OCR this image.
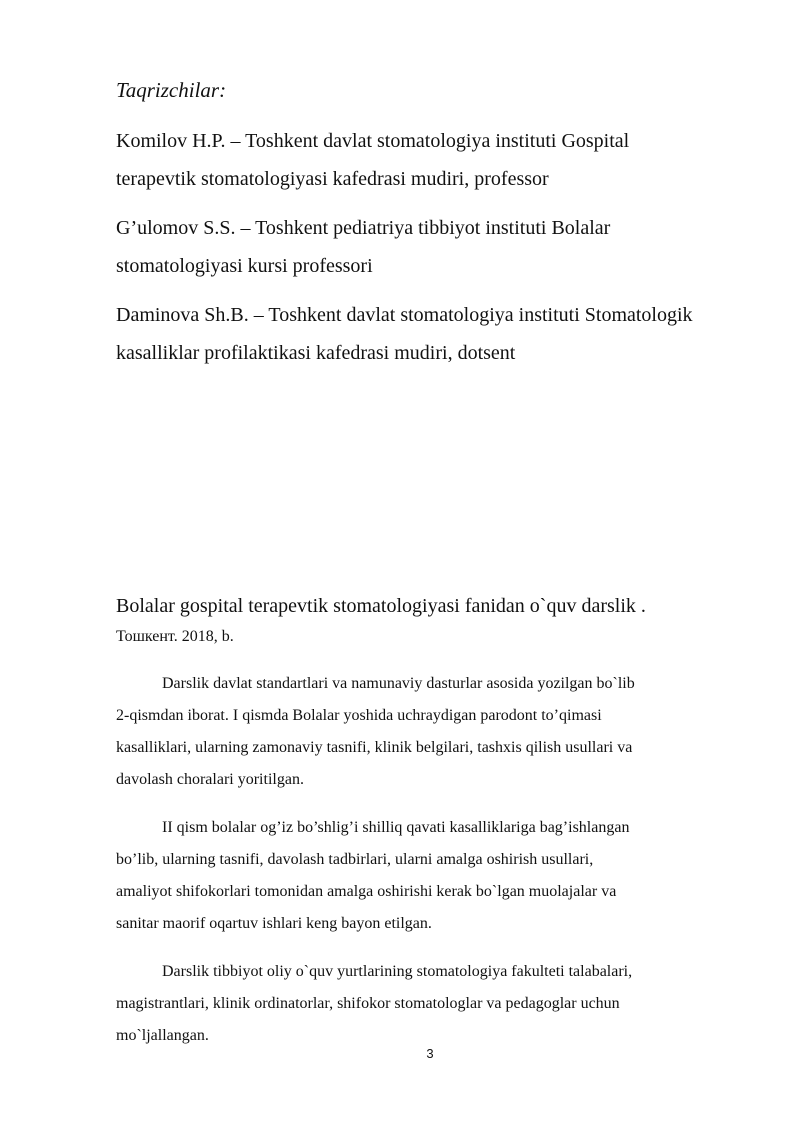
Taqrizchilar:
Komilov H.P. – Toshkent davlat stomatologiya instituti Gospital
terapevtik stomatologiyasi kafedrasi mudiri, professor
G’ulomov S.S. – Toshkent pediatriya tibbiyot instituti Bolalar
stomatologiyasi kursi professori
Daminova Sh.B. – Toshkent davlat stomatologiya instituti Stomatologik
kasalliklar profilaktikasi kafedrasi mudiri, dotsent
Bolalar gospital terapevtik stomatologiyasi fanidan o`quv darslik .
Тошкент. 2018, b.
Darslik davlat standartlari va namunaviy dasturlar asosida yozilgan bo`lib
2-qismdan iborat. I qismda Bolalar yoshida uchraydigan parodont to’qimasi
kasalliklari, ularning zamonaviy tasnifi, klinik belgilari, tashxis qilish usullari va
davolash choralari yoritilgan.
II qism bolalar og’iz bo’shlig’i shilliq qavati kasalliklariga bag’ishlangan
bo’lib, ularning tasnifi, davolash tadbirlari, ularni amalga oshirish usullari,
amaliyot shifokorlari tomonidan amalga oshirishi kerak bo`lgan muolajalar va
sanitar maorif oqartuv ishlari keng bayon etilgan.
Darslik tibbiyot oliy o`quv yurtlarining stomatologiya fakulteti talabalari,
magistrantlari, klinik ordinatorlar, shifokor stomatologlar va pedagoglar uchun
mo`ljallangan.
3
